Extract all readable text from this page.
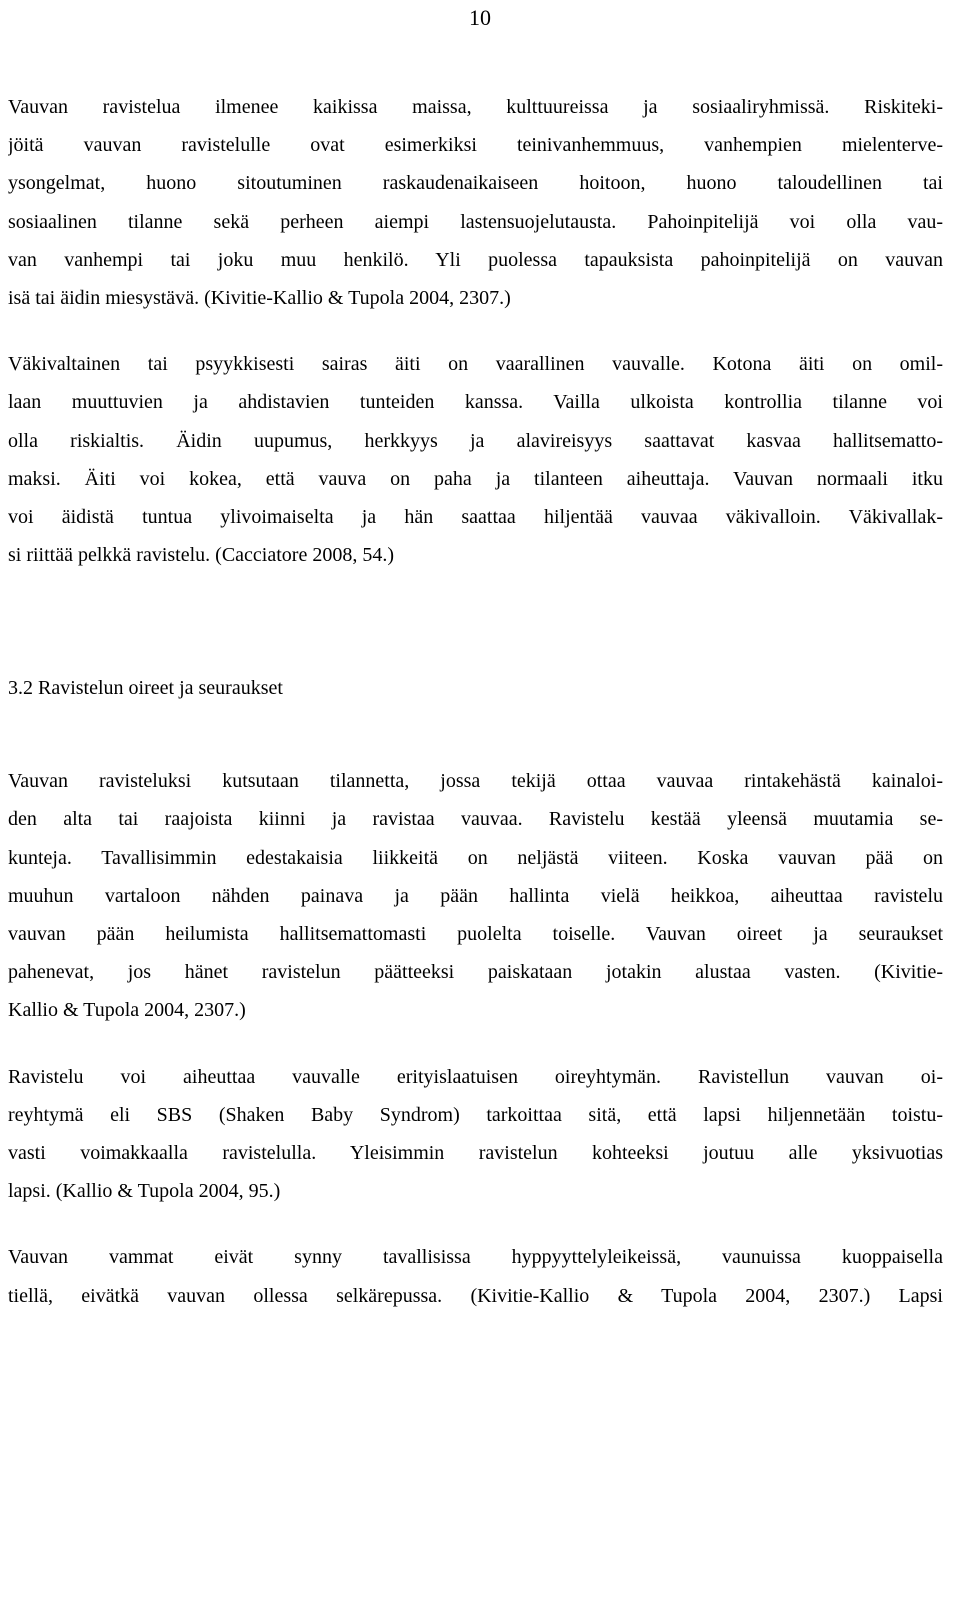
10
Vauvan ravistelua ilmenee kaikissa maissa, kulttuureissa ja sosiaaliryhmissä. Riskiteki-
jöitä vauvan ravistelulle ovat esimerkiksi teinivanhemmuus, vanhempien mielenterve-
ysongelmat, huono sitoutuminen raskaudenaikaiseen hoitoon, huono taloudellinen tai
sosiaalinen tilanne sekä perheen aiempi lastensuojelutausta. Pahoinpitelijä voi olla vau-
van vanhempi tai joku muu henkilö. Yli puolessa tapauksista pahoinpitelijä on vauvan
isä tai äidin miesystävä. (Kivitie-Kallio & Tupola 2004, 2307.)
Väkivaltainen tai psyykkisesti sairas äiti on vaarallinen vauvalle. Kotona äiti on omil-
laan muuttuvien ja ahdistavien tunteiden kanssa. Vailla ulkoista kontrollia tilanne voi
olla riskialtis. Äidin uupumus, herkkyys ja alavireisyys saattavat kasvaa hallitsematto-
maksi. Äiti voi kokea, että vauva on paha ja tilanteen aiheuttaja. Vauvan normaali itku
voi äidistä tuntua ylivoimaiselta ja hän saattaa hiljentää vauvaa väkivalloin. Väkivallak-
si riittää pelkkä ravistelu. (Cacciatore 2008, 54.)
3.2 Ravistelun oireet ja seuraukset
Vauvan ravisteluksi kutsutaan tilannetta, jossa tekijä ottaa vauvaa rintakehästä kainaloi-
den alta tai raajoista kiinni ja ravistaa vauvaa. Ravistelu kestää yleensä muutamia se-
kunteja. Tavallisimmin edestakaisia liikkeitä on neljästä viiteen. Koska vauvan pää on
muuhun vartaloon nähden painava ja pään hallinta vielä heikkoa, aiheuttaa ravistelu
vauvan pään heilumista hallitsemattomasti puolelta toiselle. Vauvan oireet ja seuraukset
pahenevat, jos hänet ravistelun päätteeksi paiskataan jotakin alustaa vasten. (Kivitie-
Kallio & Tupola 2004, 2307.)
Ravistelu voi aiheuttaa vauvalle erityislaatuisen oireyhtymän. Ravistellun vauvan oi-
reyhtymä eli SBS (Shaken Baby Syndrom) tarkoittaa sitä, että lapsi hiljennetään toistu-
vasti voimakkaalla ravistelulla. Yleisimmin ravistelun kohteeksi joutuu alle yksivuotias
lapsi. (Kallio & Tupola 2004, 95.)
Vauvan vammat eivät synny tavallisissa hyppyyttelyleikeissä, vaunuissa kuoppaisella
tiellä, eivätkä vauvan ollessa selkärepussa. (Kivitie-Kallio & Tupola 2004, 2307.) Lapsi
